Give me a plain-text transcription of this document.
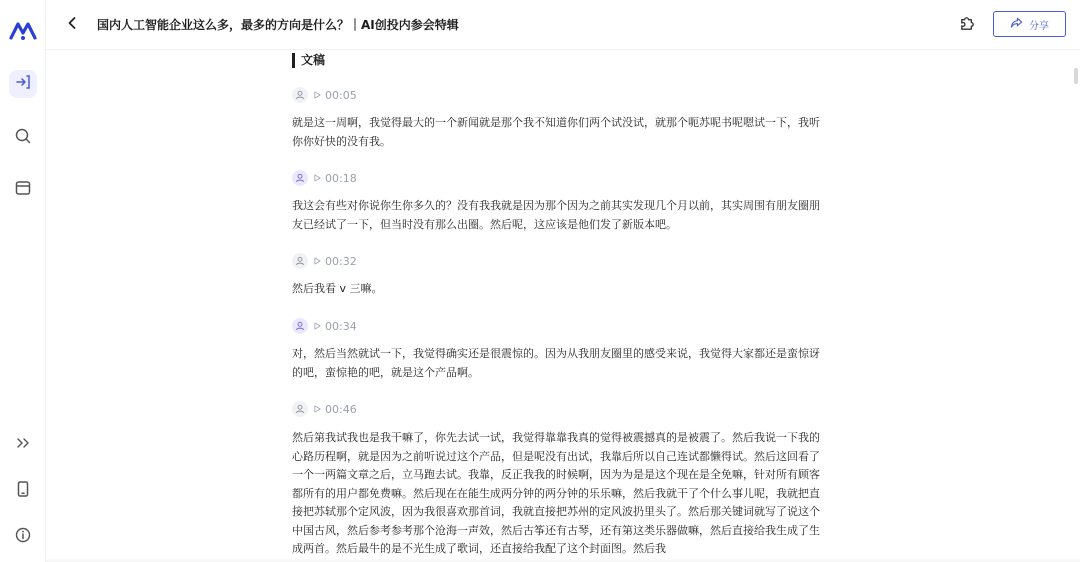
国内人工智能企业这么多，最多的方向是什么？｜AI创投内参会特辑	分享
文稿
00:05
就是这一周啊，我觉得最大的一个新闻就是那个我不知道你们两个试没试，就那个呃苏呢书呢嗯试一下，我听你你好快的没有我。
00:18
我这会有些对你说你生你多久的？没有我我就是因为那个因为之前其实发现几个月以前，其实周围有朋友圈朋友已经试了一下，但当时没有那么出圈。然后呢，这应该是他们发了新版本吧。
00:32
然后我看 v 三嘛。
00:34
对，然后当然就试一下，我觉得确实还是很震惊的。因为从我朋友圈里的感受来说，我觉得大家都还是蛮惊讶的吧，蛮惊艳的吧，就是这个产品啊。
00:46
然后第我试我也是我干嘛了，你先去试一试，我觉得靠靠我真的觉得被震撼真的是被震了。然后我说一下我的心路历程啊，就是因为之前听说过这个产品，但是呢没有出试，我靠后所以自己连试都懒得试。然后这回看了一个一两篇文章之后，立马跑去试。我靠，反正我我的时候啊，因为为是是这个现在是全免嘛，针对所有顾客都所有的用户都免费嘛。然后现在在能生成两分钟的两分钟的乐乐嘛，然后我就干了个什么事儿呢，我就把直接把苏轼那个定风波，因为我很喜欢那首词，我就直接把苏州的定风波扔里头了。然后那关键词就写了说这个中国古风，然后参考参考那个沧海一声效，然后古筝还有古琴，还有第这类乐器做嘛，然后直接给我生成了生成两首。然后最牛的是不光生成了歌词，还直接给我配了这个封面图。然后我
